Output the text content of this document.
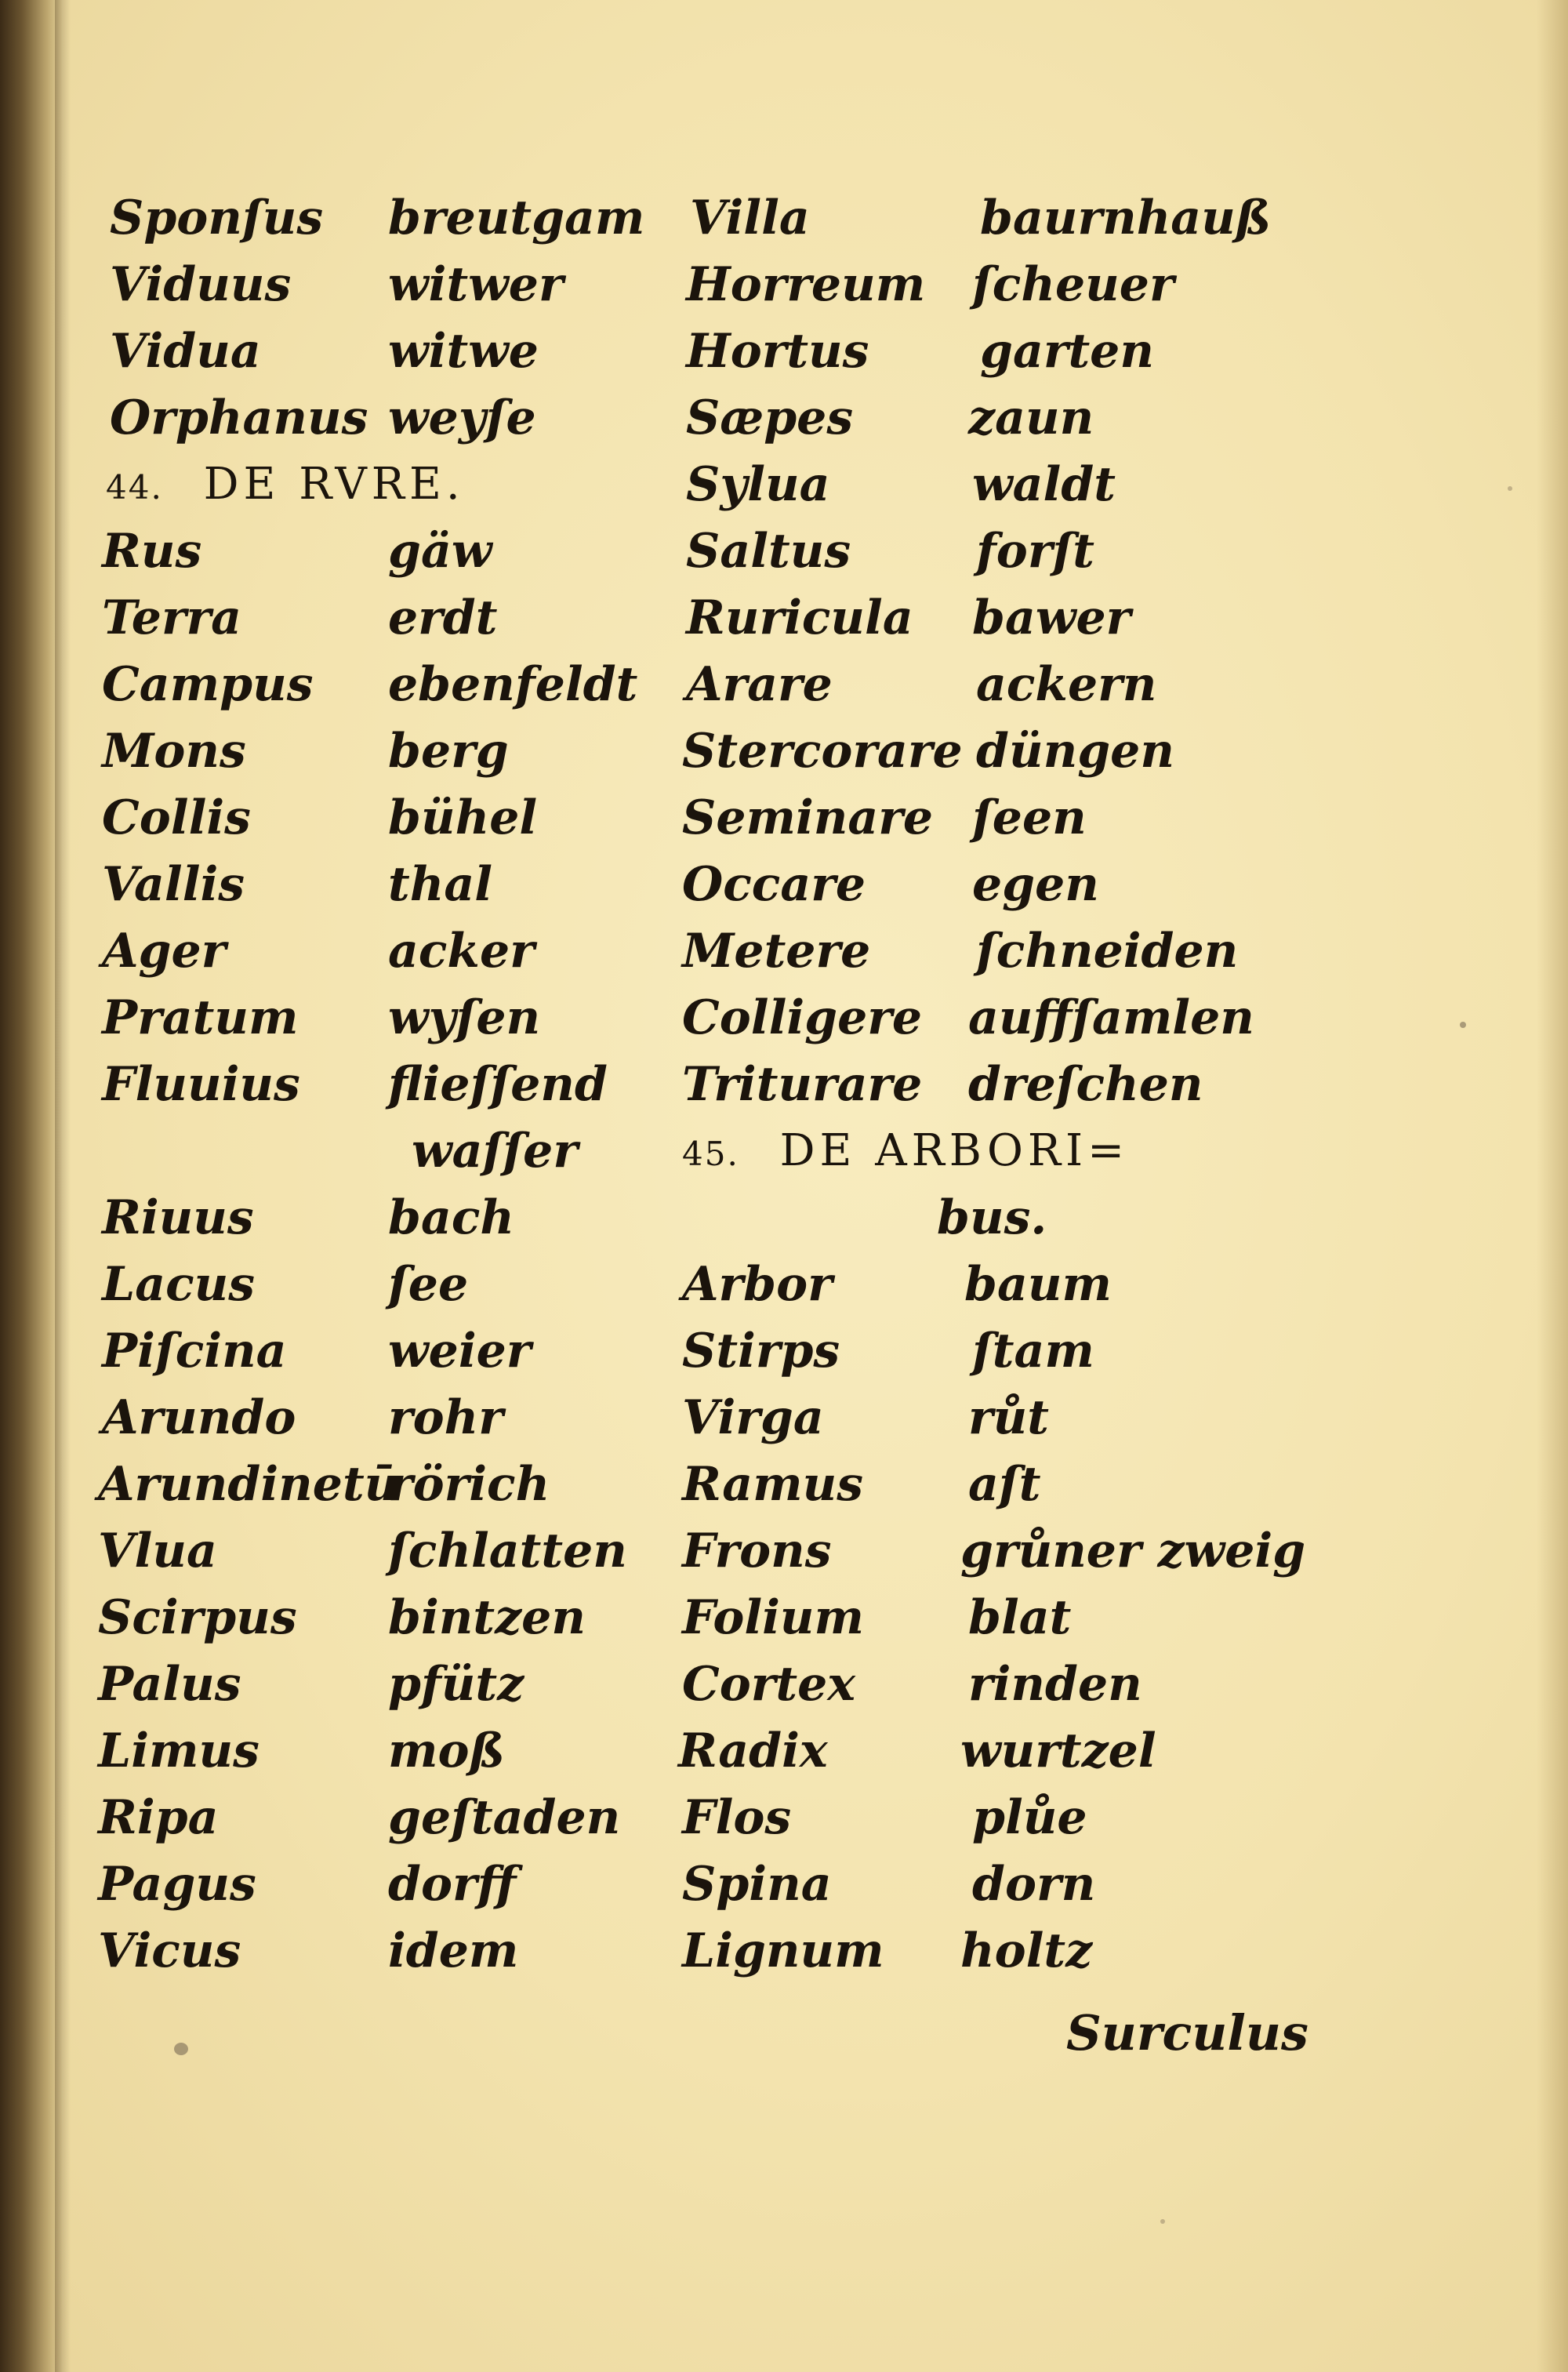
Sponſus breutgam
Viduus witwer
Vidua	witwe
Orphanus weyſe
44. DE RVRE.
Rus	gäw
Terra	erdt
Campus ebenfeldt
Mons	berg
Collis	bühel
Vallis	thal
Ager	acker
Pratum wyſen
Fluuius flieſſend
waſſer
Riuus	bach
Lacus	ſee
Piſcina weier
Arundo rohr
Arundinetū
rörich
Vlua	ſchlatten
Scirpus bintzen
Palus	pfütz
Limus	moß
Ripa	geſtaden
Pagus	dorff
Vicus	idem
Villa	baurnhauß
Horreum ſcheuer
Hortus garten
Sæpes zaun
Sylua	waldt
Saltus	forſt
Ruricula bawer
Arare	ackern
Stercorare düngen
Seminare ſeen
Occare egen
Metere ſchneiden
Colligere auffſamlen
Triturare dreſchen
45. DE ARBORI=
bus.
Arbor	baum
Stirps	ſtam
Virga	růt
Ramus aſt
Frons	grůner zweig
Folium blat
Cortex rinden
Radix	wurtzel
Flos	plůe
Spina	dorn
Lignum holtz
Surculus
